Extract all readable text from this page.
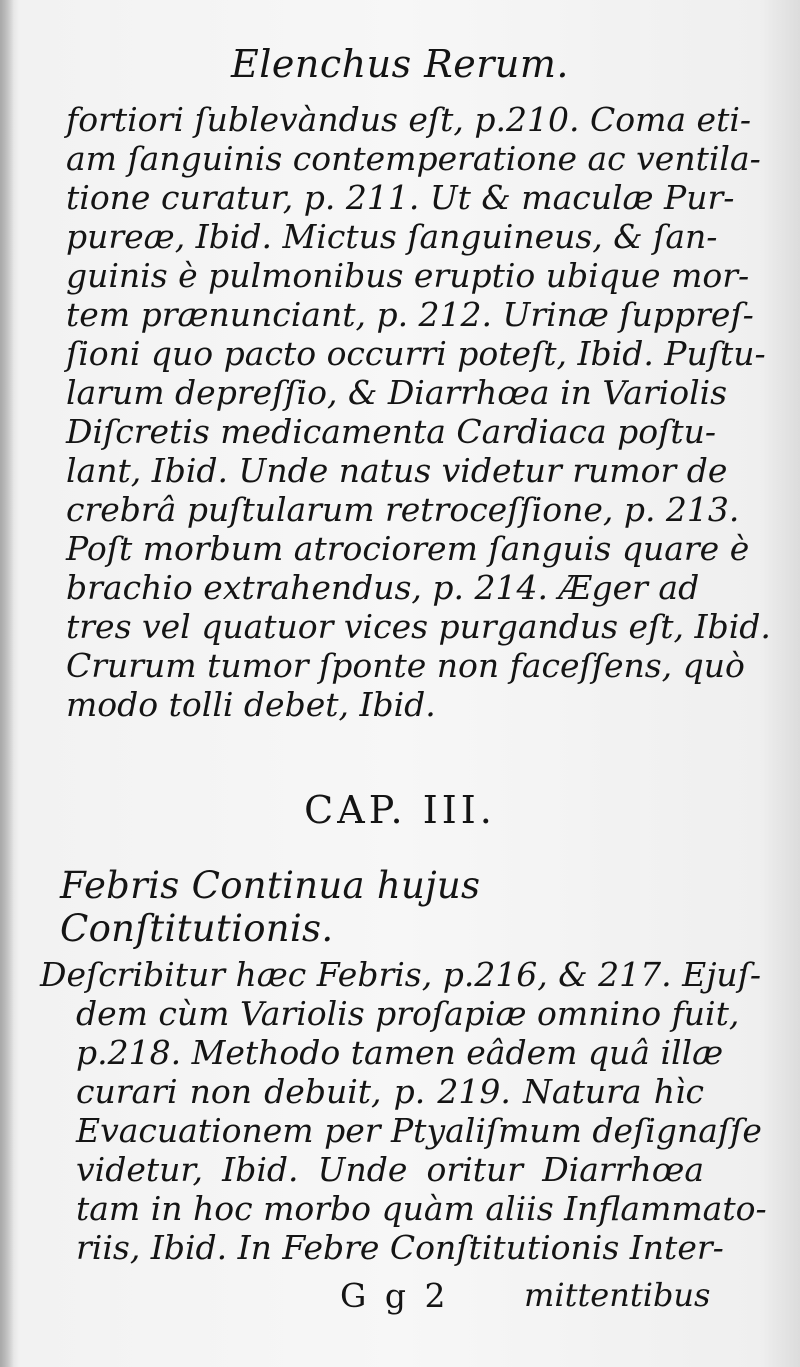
Elenchus Rerum.
fortiori ſublevàndus eſt, p.210. Coma eti-
am ſanguinis contemperatione ac ventila-
tione curatur, p. 211. Ut & maculæ Pur-
pureæ, Ibid. Mictus ſanguineus, & ſan-
guinis è pulmonibus eruptio ubique mor-
tem prænunciant, p. 212. Urinæ ſuppreſ-
ſioni quo pacto occurri poteſt, Ibid. Puſtu-
larum depreſſio, & Diarrhœa in Variolis
Diſcretis medicamenta Cardiaca poſtu-
lant, Ibid. Unde natus videtur rumor de
crebrâ puſtularum retroceſſione, p. 213.
Poſt morbum atrociorem ſanguis quare è
brachio extrahendus, p. 214. Æger ad
tres vel quatuor vices purgandus eſt, Ibid.
Crurum tumor ſponte non faceſſens, quò
modo tolli debet, Ibid.
CAP. III.
Febris Continua hujus Conſtitutionis.
Deſcribitur hæc Febris, p.216, & 217. Ejuſ-
dem cùm Variolis proſapiæ omnino fuit,
p.218. Methodo tamen eâdem quâ illæ
curari non debuit, p. 219. Natura hìc
Evacuationem per Ptyaliſmum deſignaſſe
videtur, Ibid. Unde oritur Diarrhœa
tam in hoc morbo quàm aliis Inflammato-
riis, Ibid. In Febre Conſtitutionis Inter-
G g 2 mittentibus
